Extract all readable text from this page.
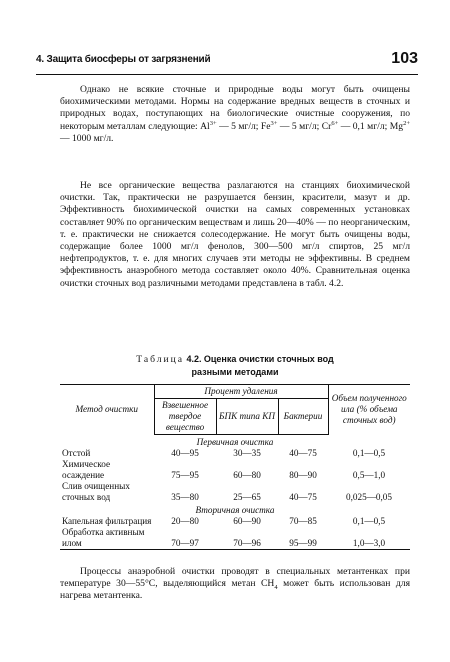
4. Защита биосферы от загрязнений	103

Однако не всякие сточные и природные воды могут быть очищены биохимическими методами. Нормы на содержание вредных веществ в сточных и природных водах, поступающих на биологические очистные сооружения, по некоторым металлам следующие: $Al^{3+}$ — 5 мг/л; $Fe^{3+}$ — 5 мг/л; $Cr^{6+}$ — 0,1 мг/л; $Mg^{2+}$ — 1000 мг/л.

Не все органические вещества разлагаются на станциях биохимической очистки. Так, практически не разрушается бензин, красители, мазут и др. Эффективность биохимической очистки на самых современных установках составляет 90% по органическим веществам и лишь 20—40% — по неорганическим, т. е. практически не снижается солесодержание. Не могут быть очищены воды, содержащие более 1000 мг/л фенолов, 300—500 мг/л спиртов, 25 мг/л нефтепродуктов, т. е. для многих случаев эти методы не эффективны. В среднем эффективность анаэробного метода составляет около 40%. Сравнительная оценка очистки сточных вод различными методами представлена в табл. 4.2.

Таблица 4.2. Оценка очистки сточных вод
разными методами
Метод очистки	Процент удаления			Объем полученного ила (% объема сточных вод)
	Взвешенное твердое вещество	БПК типа КП	Бактерии	
Первичная очистка				
Отстой	40—95	30—35	40—75	0,1—0,5
Химическое осаждение	75—95	60—80	80—90	0,5—1,0
Слив очищенных сточных вод	35—80	25—65	40—75	0,025—0,05
Вторичная очистка				
Капельная фильтрация	20—80	60—90	70—85	0,1—0,5
Обработка активным илом	70—97	70—96	95—99	1,0—3,0

Процессы анаэробной очистки проводят в специальных метантенках при температуре 30—55°С, выделяющийся метан $CH_4$ может быть использован для нагрева метантенка.
